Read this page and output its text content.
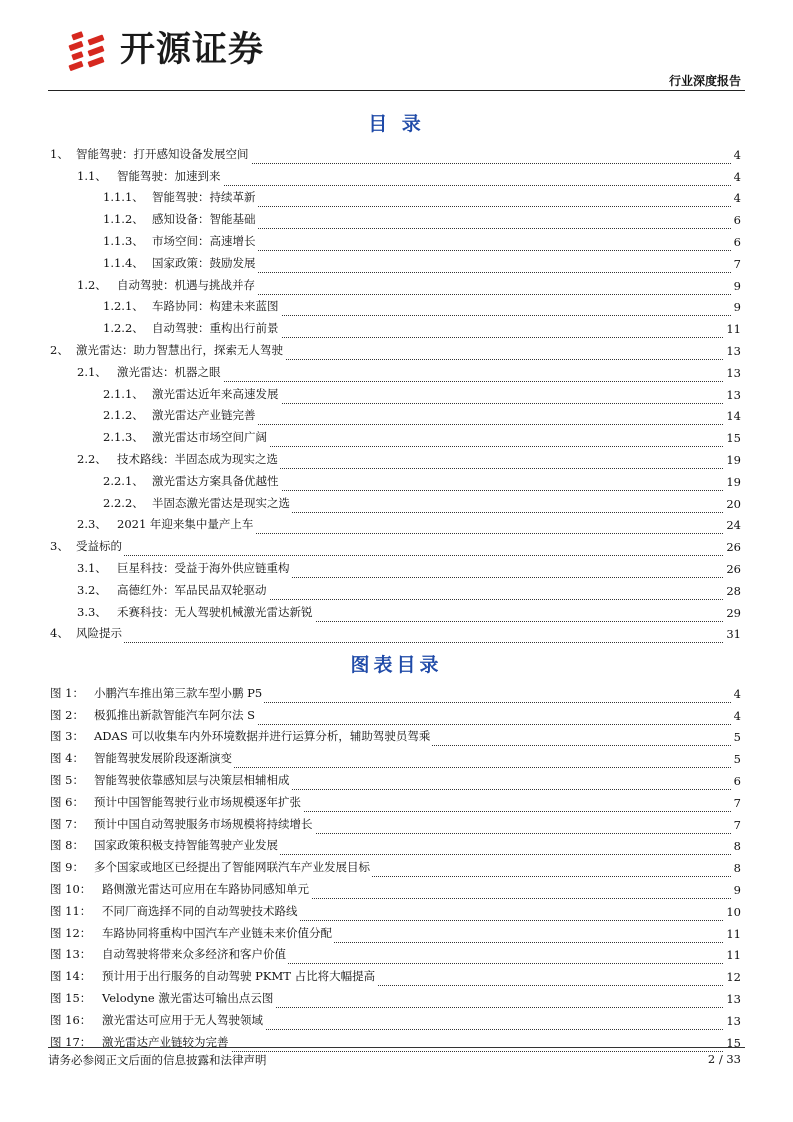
开源证券
行业深度报告
目 录
1、 智能驾驶：打开感知设备发展空间	4
1.1、 智能驾驶：加速到来	4
1.1.1、 智能驾驶：持续革新	4
1.1.2、 感知设备：智能基础	6
1.1.3、 市场空间：高速增长	6
1.1.4、 国家政策：鼓励发展	7
1.2、 自动驾驶：机遇与挑战并存	9
1.2.1、 车路协同：构建未来蓝图	9
1.2.2、 自动驾驶：重构出行前景	11
2、 激光雷达：助力智慧出行，探索无人驾驶	13
2.1、 激光雷达：机器之眼	13
2.1.1、 激光雷达近年来高速发展	13
2.1.2、 激光雷达产业链完善	14
2.1.3、 激光雷达市场空间广阔	15
2.2、 技术路线：半固态成为现实之选	19
2.2.1、 激光雷达方案具备优越性	19
2.2.2、 半固态激光雷达是现实之选	20
2.3、 2021 年迎来集中量产上车	24
3、 受益标的	26
3.1、 巨星科技：受益于海外供应链重构	26
3.2、 高德红外：军品民品双轮驱动	28
3.3、 禾赛科技：无人驾驶机械激光雷达新锐	29
4、 风险提示	31
图表目录
图 1： 小鹏汽车推出第三款车型小鹏 P5	4
图 2： 极狐推出新款智能汽车阿尔法 S	4
图 3： ADAS 可以收集车内外环境数据并进行运算分析，辅助驾驶员驾乘	5
图 4： 智能驾驶发展阶段逐渐演变	5
图 5： 智能驾驶依靠感知层与决策层相辅相成	6
图 6： 预计中国智能驾驶行业市场规模逐年扩张	7
图 7： 预计中国自动驾驶服务市场规模将持续增长	7
图 8： 国家政策积极支持智能驾驶产业发展	8
图 9： 多个国家或地区已经提出了智能网联汽车产业发展目标	8
图 10： 路侧激光雷达可应用在车路协同感知单元	9
图 11： 不同厂商选择不同的自动驾驶技术路线	10
图 12： 车路协同将重构中国汽车产业链未来价值分配	11
图 13： 自动驾驶将带来众多经济和客户价值	11
图 14： 预计用于出行服务的自动驾驶 PKMT 占比将大幅提高	12
图 15： Velodyne 激光雷达可输出点云图	13
图 16： 激光雷达可应用于无人驾驶领域	13
图 17： 激光雷达产业链较为完善	15
请务必参阅正文后面的信息披露和法律声明	2 / 33
